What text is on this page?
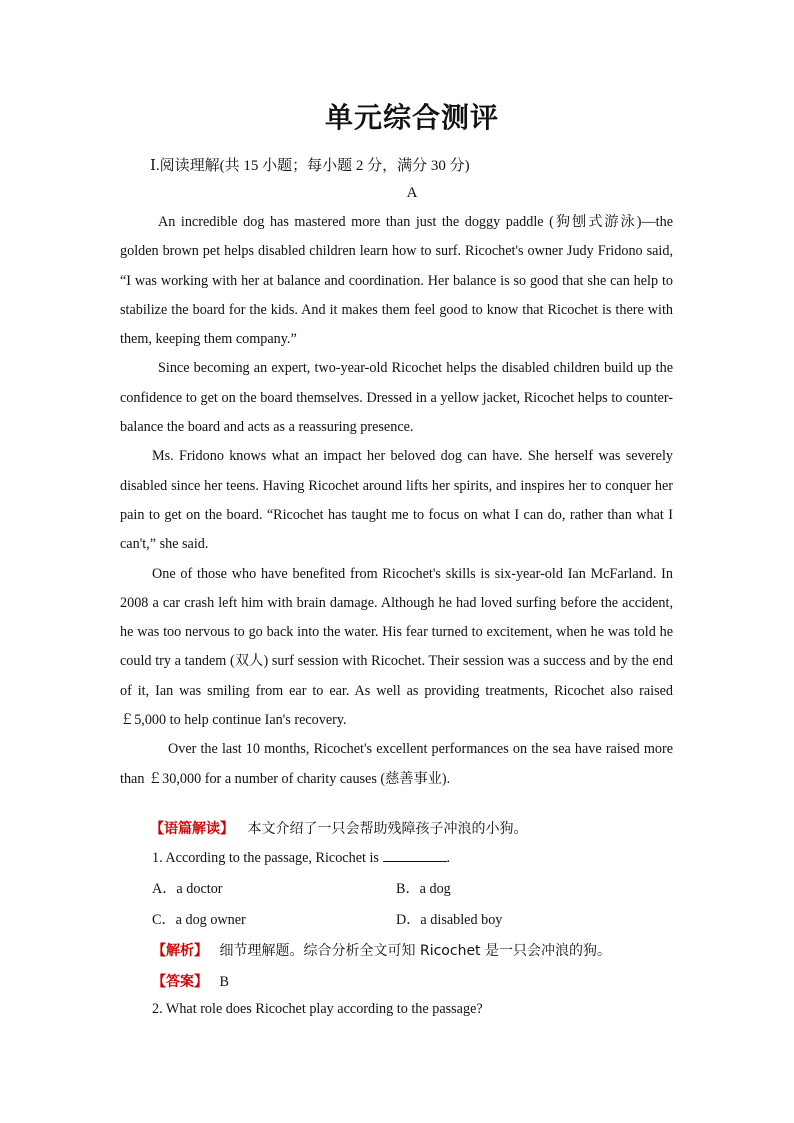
单元综合测评
Ⅰ.阅读理解(共 15 小题；每小题 2 分，满分 30 分)
A

An incredible dog has mastered more than just the doggy paddle (狗刨式游泳)—the golden brown pet helps disabled children learn how to surf. Ricochet's owner Judy Fridono said, “I was working with her at balance and coordination. Her balance is so good that she can help to stabilize the board for the kids. And it makes them feel good to know that Ricochet is there with them, keeping them company.”

Since becoming an expert, two-year-old Ricochet helps the disabled children build up the confidence to get on the board themselves. Dressed in a yellow jacket, Ricochet helps to counter-balance the board and acts as a reassuring presence.

Ms. Fridono knows what an impact her beloved dog can have. She herself was severely disabled since her teens. Having Ricochet around lifts her spirits, and inspires her to conquer her pain to get on the board. “Ricochet has taught me to focus on what I can do, rather than what I can't,” she said.

One of those who have benefited from Ricochet's skills is six-year-old Ian McFarland. In 2008 a car crash left him with brain damage. Although he had loved surfing before the accident, he was too nervous to go back into the water. His fear turned to excitement, when he was told he could try a tandem (双人) surf session with Ricochet. Their session was a success and by the end of it, Ian was smiling from ear to ear. As well as providing treatments, Ricochet also raised ￡5,000 to help continue Ian's recovery.

Over the last 10 months, Ricochet's excellent performances on the sea have raised more than ￡30,000 for a number of charity causes (慈善事业).

【语篇解读】 本文介绍了一只会帮助残障孩子冲浪的小狗。
1. According to the passage, Ricochet is	.
A．a doctor	B．a dog
C．a dog owner	D．a disabled boy
【解析】 细节理解题。综合分析全文可知 Ricochet 是一只会冲浪的狗。
【答案】 B
2. What role does Ricochet play according to the passage?
